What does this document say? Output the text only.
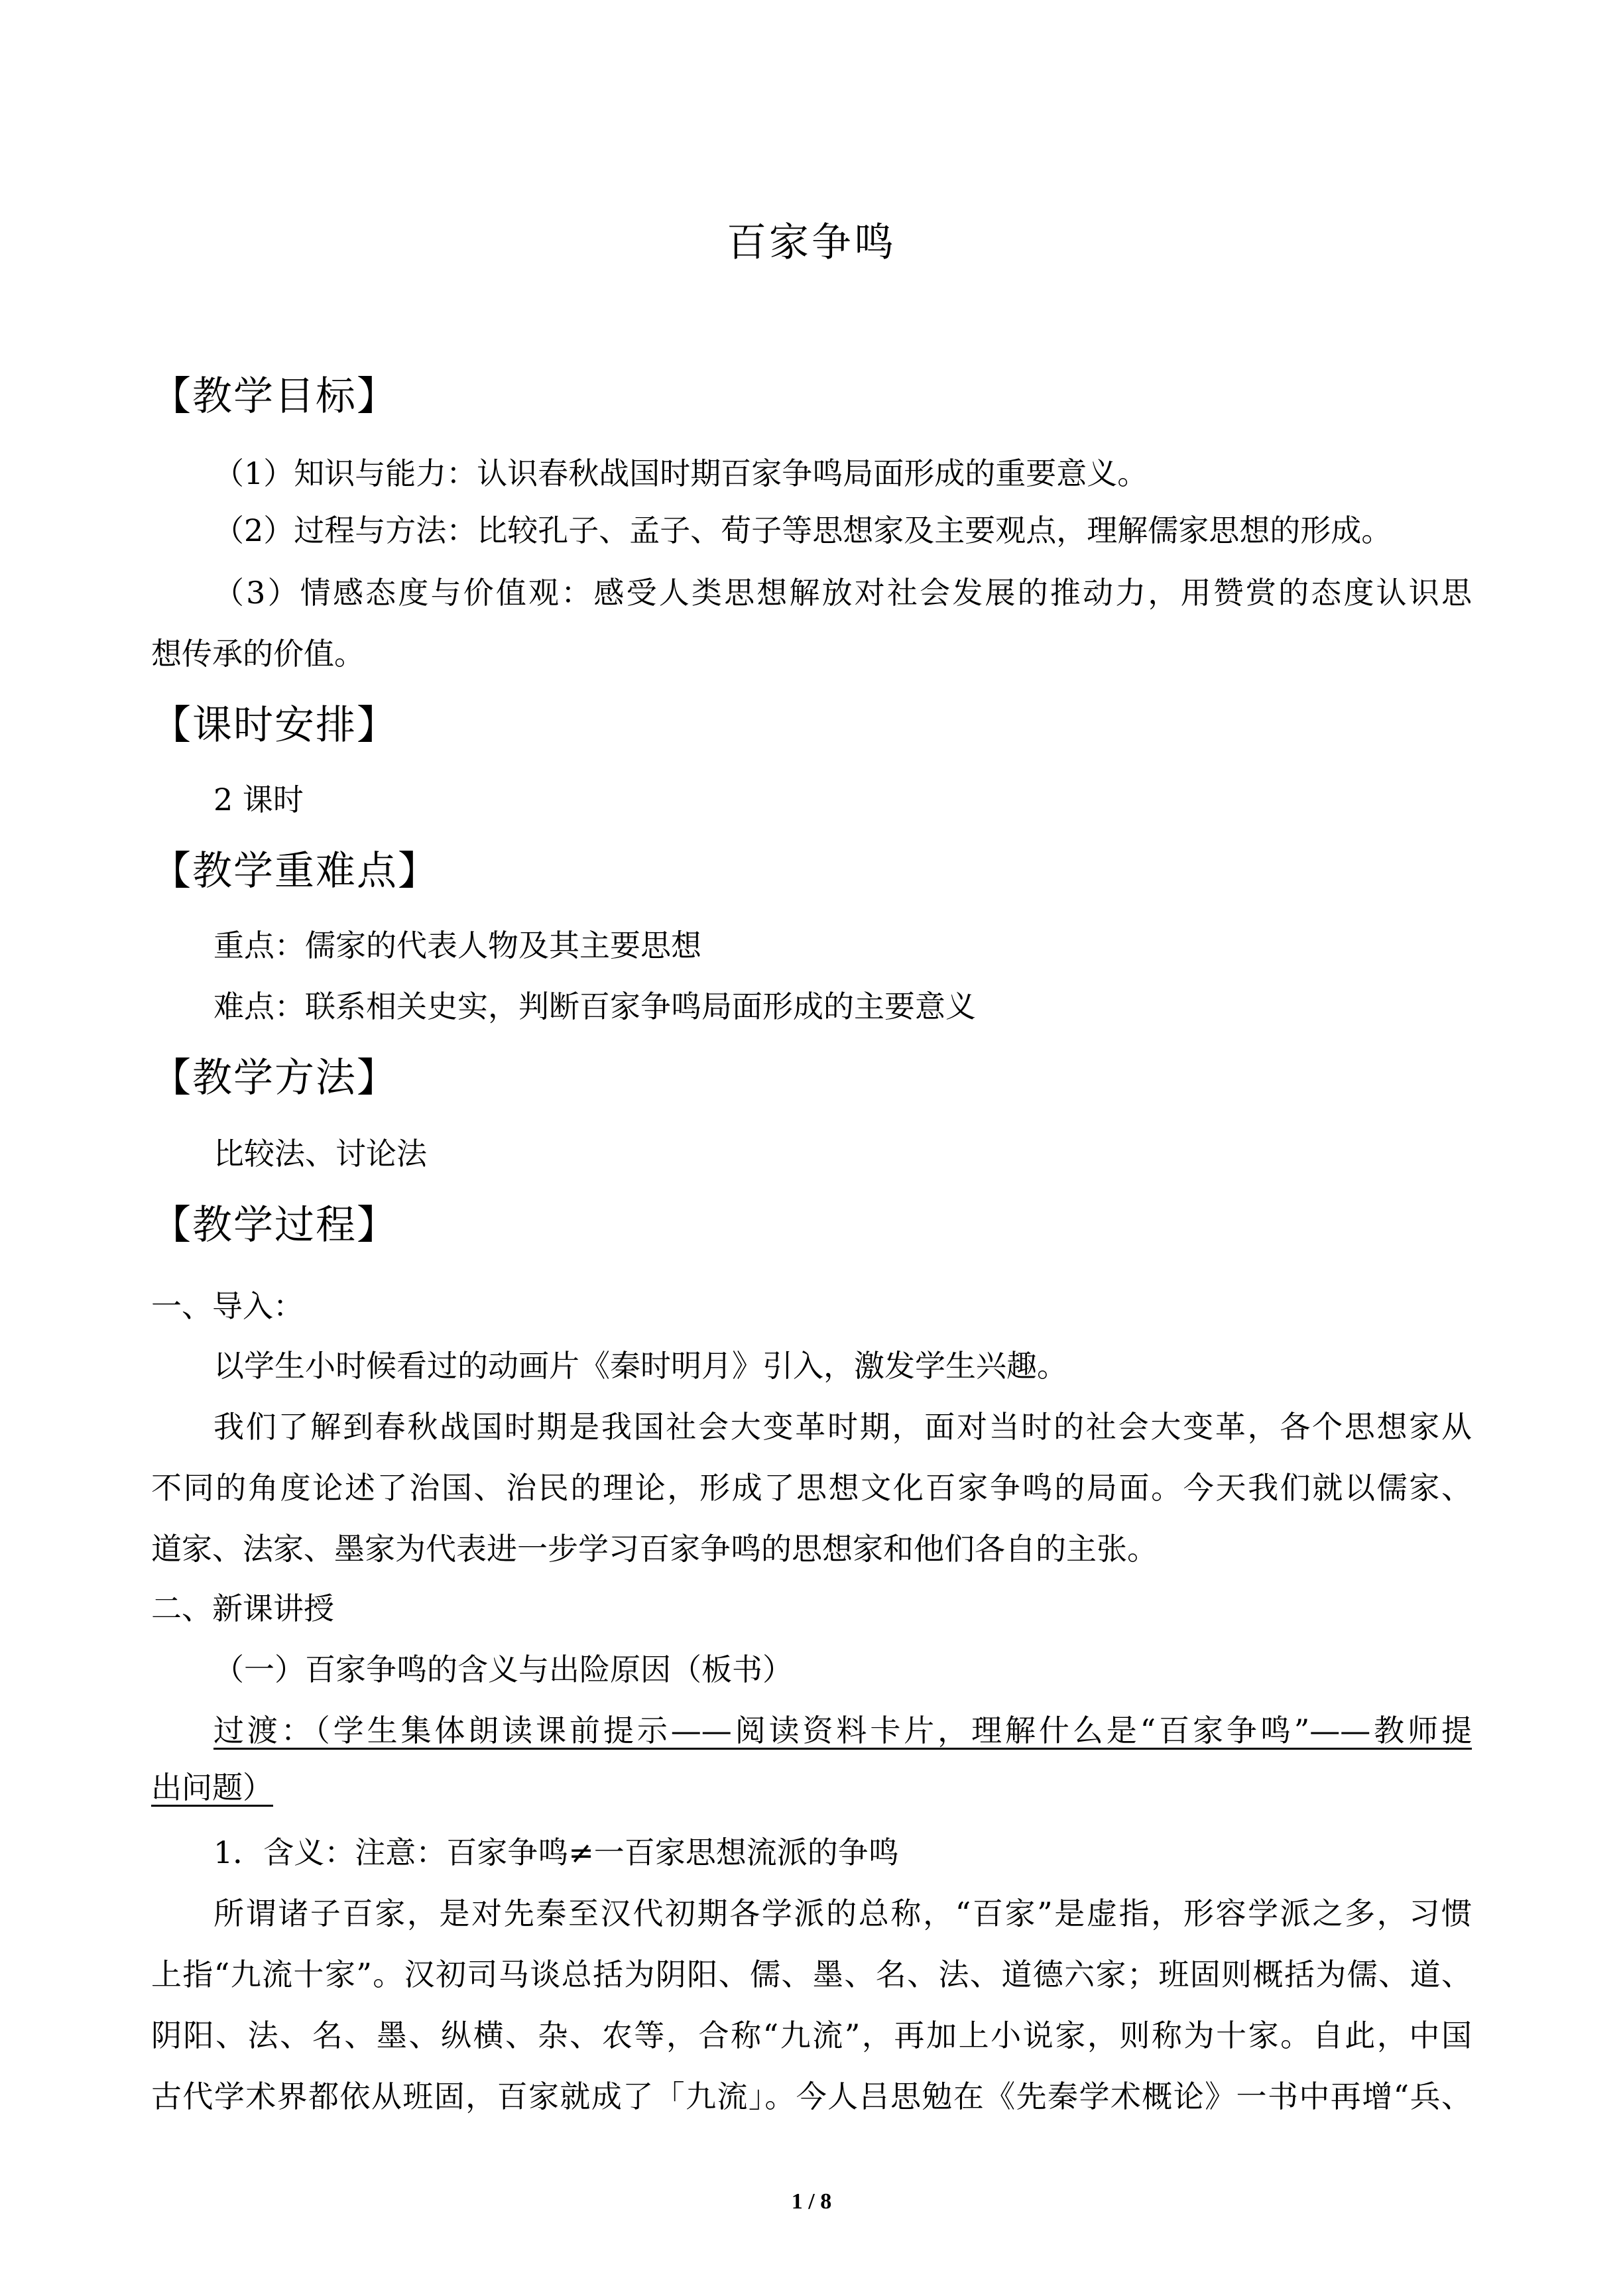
百家争鸣
【教学目标】
（1）知识与能力：认识春秋战国时期百家争鸣局面形成的重要意义。
（2）过程与方法：比较孔子、孟子、荀子等思想家及主要观点，理解儒家思想的形成。
（3）情感态度与价值观：感受人类思想解放对社会发展的推动力，用赞赏的态度认识思
想传承的价值。
【课时安排】
2 课时
【教学重难点】
重点：儒家的代表人物及其主要思想
难点：联系相关史实，判断百家争鸣局面形成的主要意义
【教学方法】
比较法、讨论法
【教学过程】
一、导入：
以学生小时候看过的动画片《秦时明月》引入，激发学生兴趣。
我们了解到春秋战国时期是我国社会大变革时期，面对当时的社会大变革，各个思想家从
不同的角度论述了治国、治民的理论，形成了思想文化百家争鸣的局面。今天我们就以儒家、
道家、法家、墨家为代表进一步学习百家争鸣的思想家和他们各自的主张。
二、新课讲授
（一）百家争鸣的含义与出险原因（板书）
过渡：（学生集体朗读课前提示——阅读资料卡片，理解什么是“百家争鸣”——教师提
出问题）
1．含义：注意：百家争鸣≠一百家思想流派的争鸣
所谓诸子百家，是对先秦至汉代初期各学派的总称，“百家”是虚指，形容学派之多，习惯
上指“九流十家”。汉初司马谈总括为阴阳、儒、墨、名、法、道德六家；班固则概括为儒、道、
阴阳、法、名、墨、纵横、杂、农等，合称“九流”，再加上小说家，则称为十家。自此，中国
古代学术界都依从班固，百家就成了「九流」。今人吕思勉在《先秦学术概论》一书中再增“兵、
1 / 8
